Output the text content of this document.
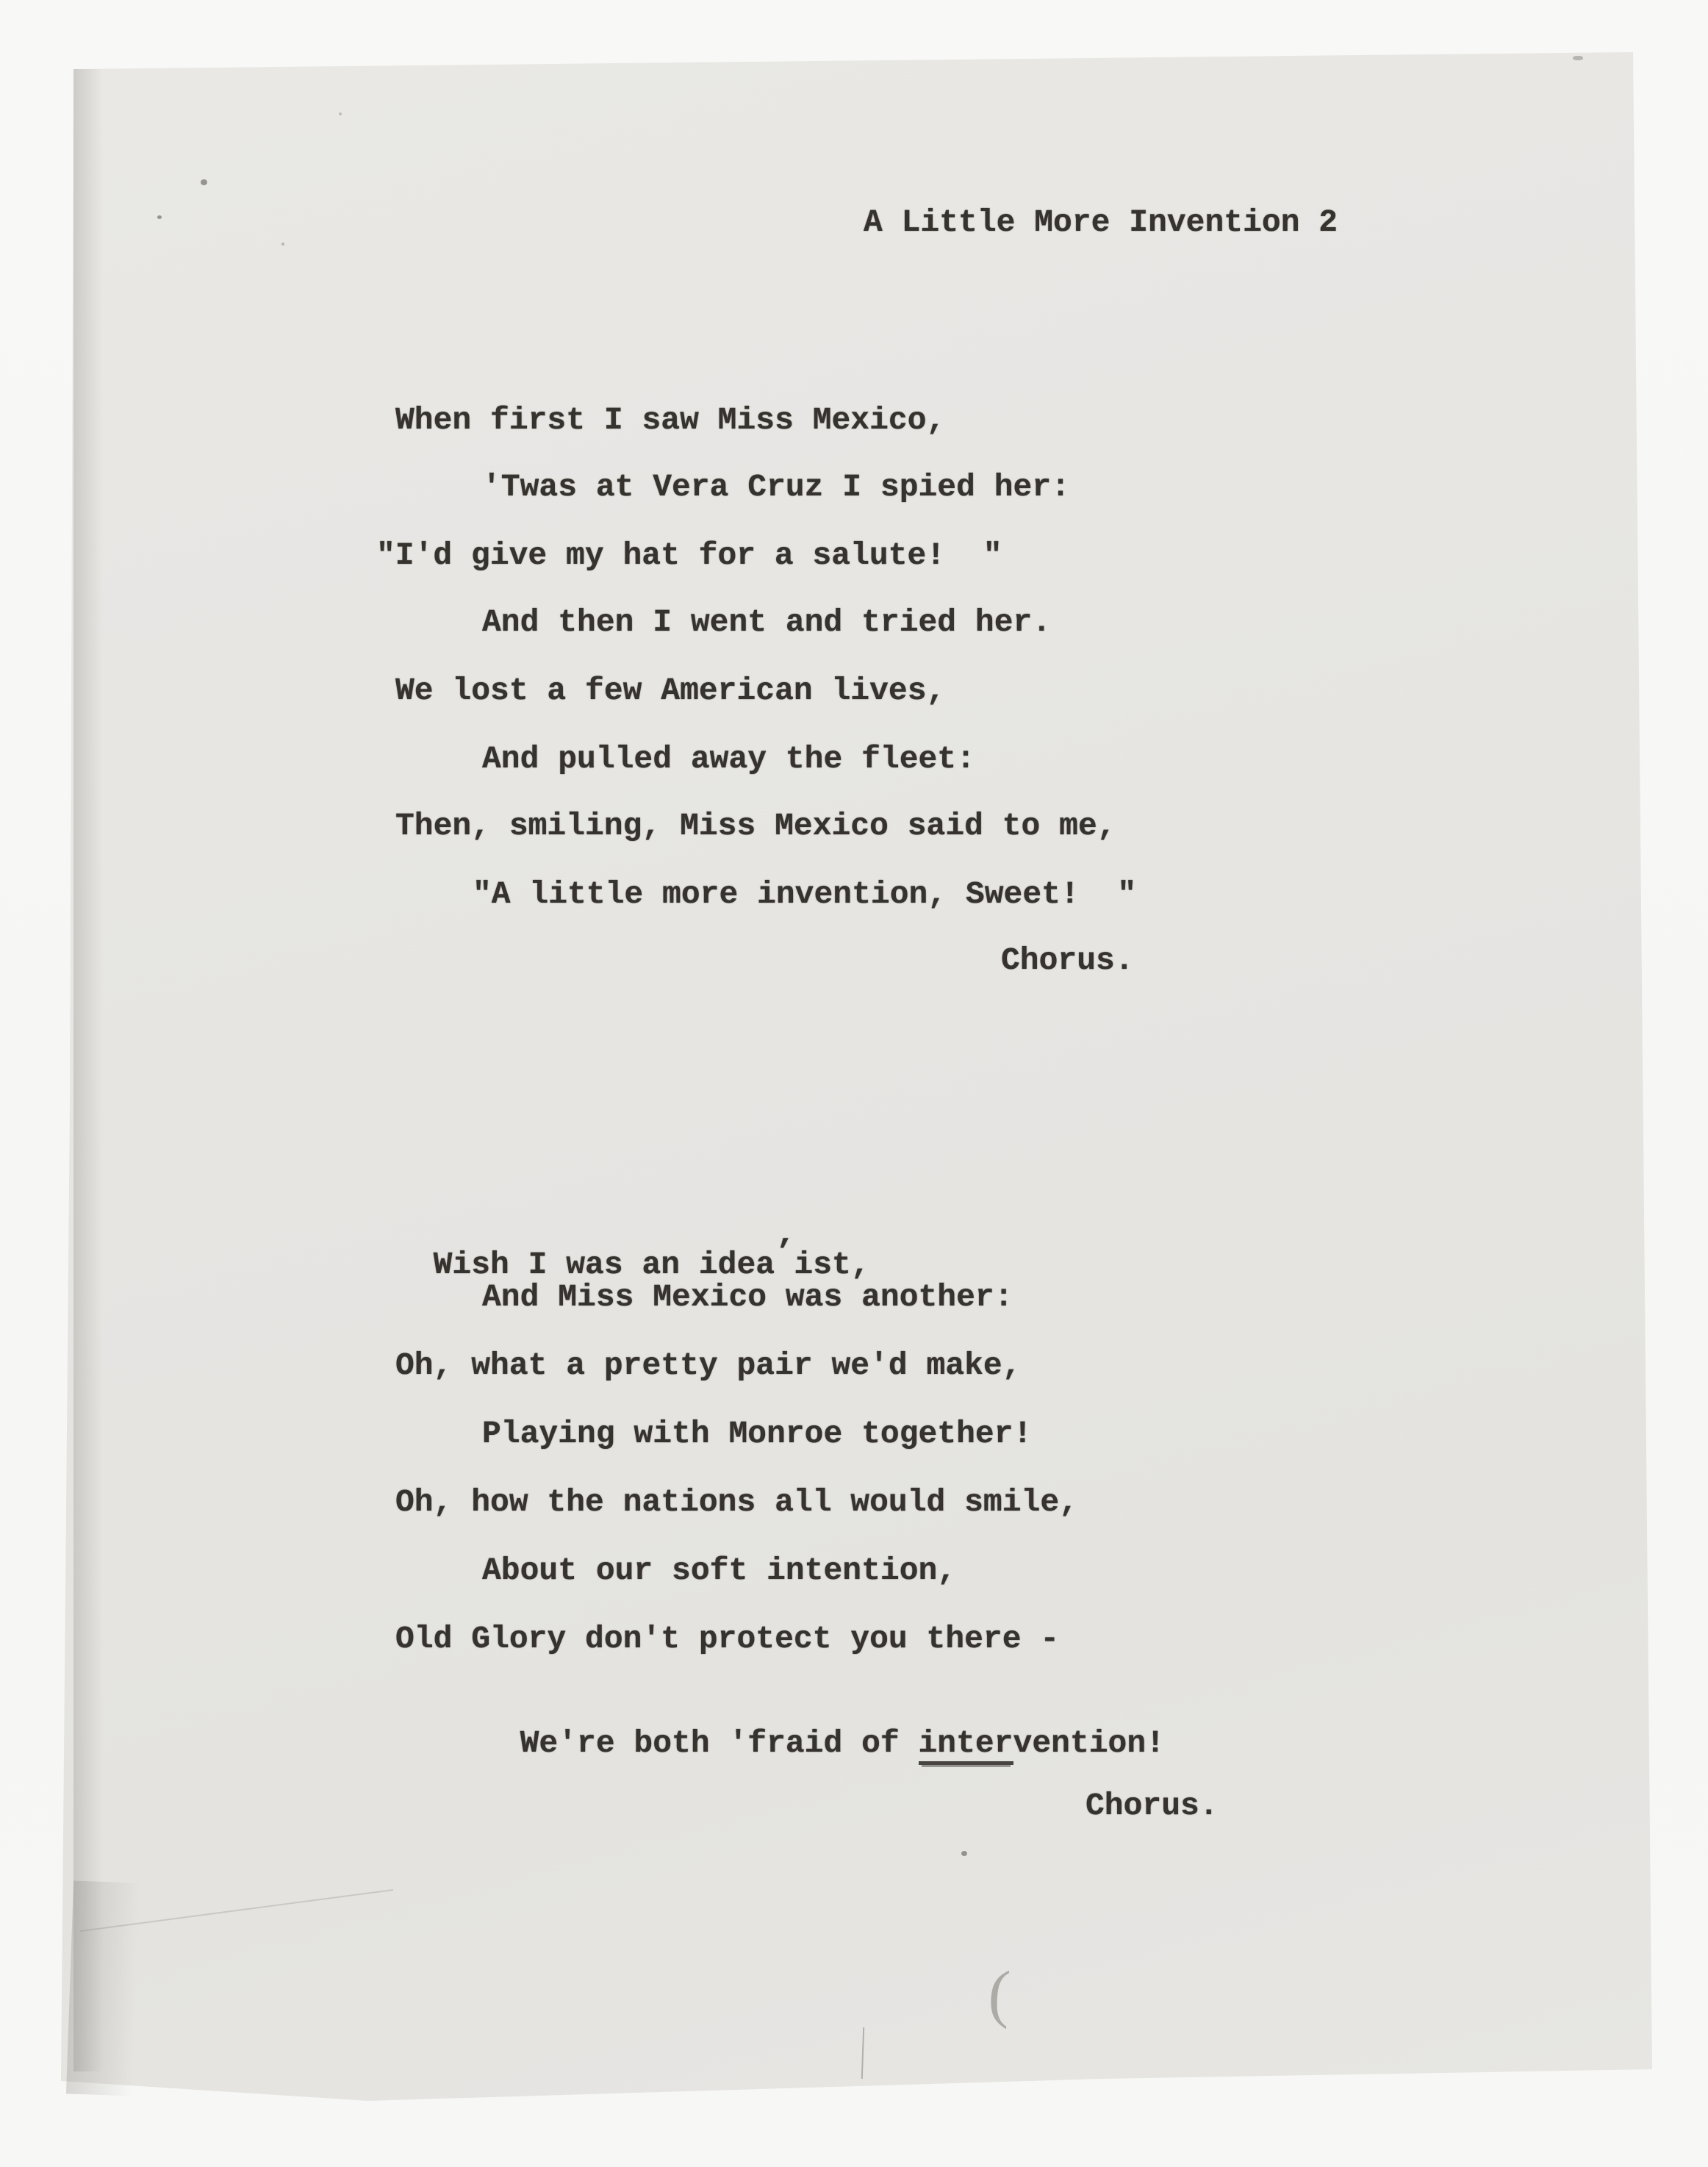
A Little More Invention 2
When first I saw Miss Mexico,
'Twas at Vera Cruz I spied her:
"I'd give my hat for a salute!  "
And then I went and tried her.
We lost a few American lives,
And pulled away the fleet:
Then, smiling, Miss Mexico said to me,
"A little more invention, Sweet!  "
Chorus.

Wish I was an idea’ist,

And Miss Mexico was another:
Oh, what a pretty pair we'd make,
Playing with Monroe together!
Oh, how the nations all would smile,
About our soft intention,
Old Glory don't protect you there -

We're both 'fraid of intervention!

Chorus.
(
